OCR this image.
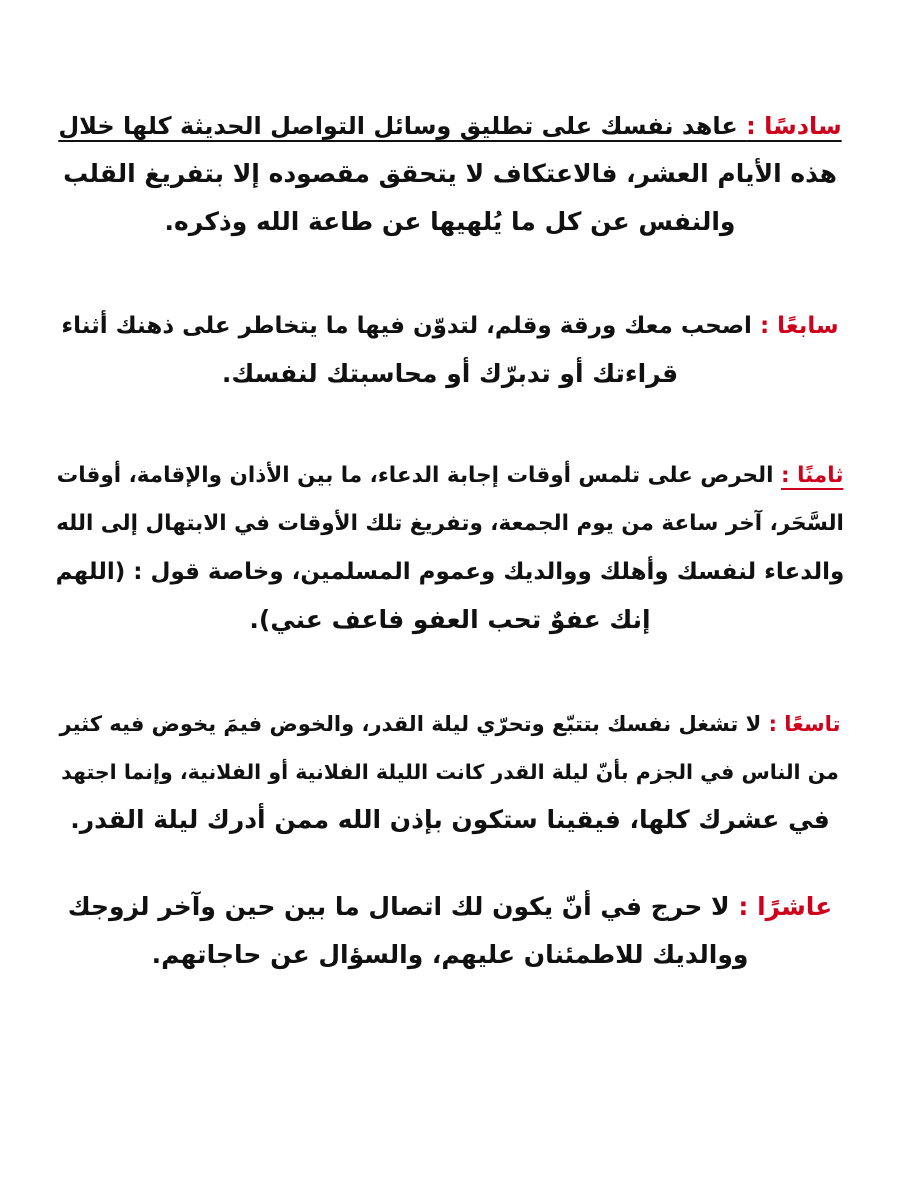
سادسًا : عاهد نفسك على تطليق وسائل التواصل الحديثة كلها خلال
هذه الأيام العشر، فالاعتكاف لا يتحقق مقصوده إلا بتفريغ القلب
والنفس عن كل ما يُلهيها عن طاعة الله وذكره.
سابعًا : اصحب معك ورقة وقلم، لتدوّن فيها ما يتخاطر على ذهنك أثناء
قراءتك أو تدبرّك أو محاسبتك لنفسك.
ثامنًا : الحرص على تلمس أوقات إجابة الدعاء، ما بين الأذان والإقامة، أوقات
السَّحَر، آخر ساعة من يوم الجمعة، وتفريغ تلك الأوقات في الابتهال إلى الله
والدعاء لنفسك وأهلك ووالديك وعموم المسلمين، وخاصة قول : (اللهم
إنك عفوٌ تحب العفو فاعف عني).
تاسعًا : لا تشغل نفسك بتتبّع وتحرّي ليلة القدر، والخوض فيمَ يخوض فيه كثير
من الناس في الجزم بأنّ ليلة القدر كانت الليلة الفلانية أو الفلانية، وإنما اجتهد
في عشرك كلها، فيقينا ستكون بإذن الله ممن أدرك ليلة القدر.
عاشرًا : لا حرج في أنّ يكون لك اتصال ما بين حين وآخر لزوجك
ووالديك للاطمئنان عليهم، والسؤال عن حاجاتهم.
